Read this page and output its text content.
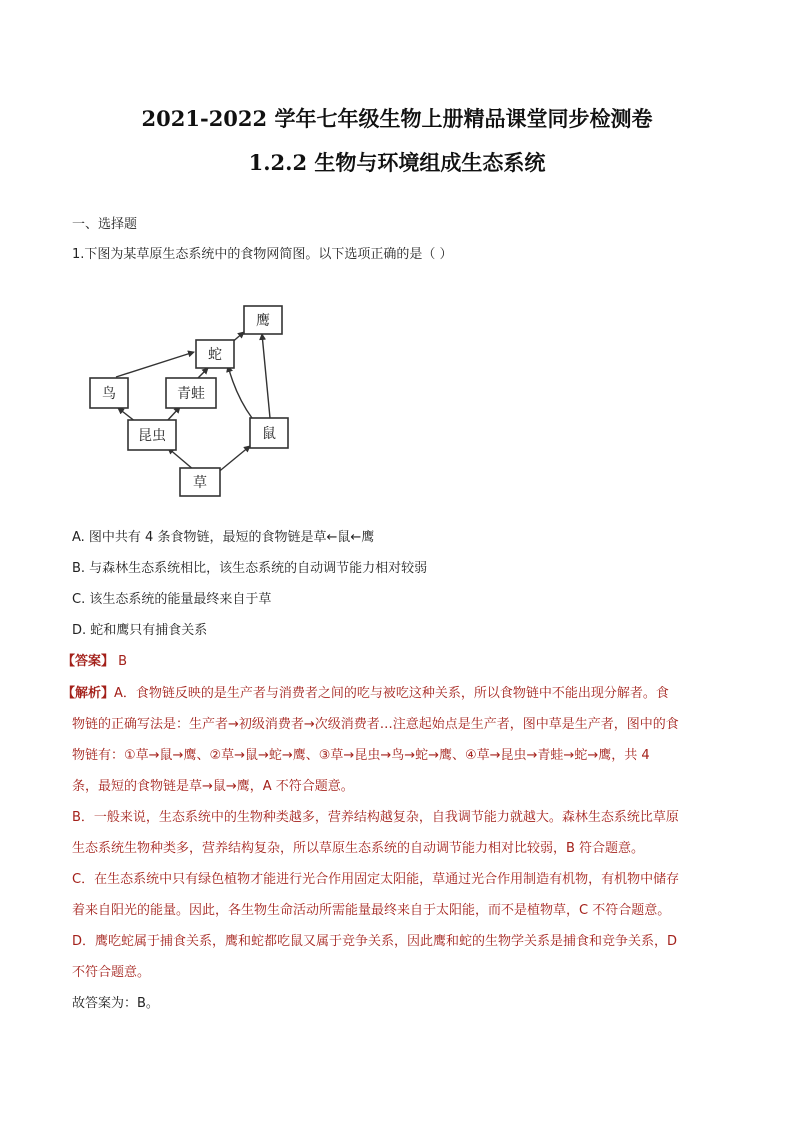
2021-2022 学年七年级生物上册精品课堂同步检测卷
1.2.2 生物与环境组成生态系统

一、选择题

1.下图为某草原生态系统中的食物网简图。以下选项正确的是（ ）

鹰
蛇
鸟	青蛙
昆虫	鼠
草

A. 图中共有 4 条食物链，最短的食物链是草←鼠←鹰

B. 与森林生态系统相比，该生态系统的自动调节能力相对较弱

C. 该生态系统的能量最终来自于草

D. 蛇和鹰只有捕食关系

【答案】 B

【解析】A．食物链反映的是生产者与消费者之间的吃与被吃这种关系，所以食物链中不能出现分解者。食

物链的正确写法是：生产者→初级消费者→次级消费者…注意起始点是生产者，图中草是生产者，图中的食

物链有：①草→鼠→鹰、②草→鼠→蛇→鹰、③草→昆虫→鸟→蛇→鹰、④草→昆虫→青蛙→蛇→鹰，共 4

条，最短的食物链是草→鼠→鹰，A 不符合题意。

B．一般来说，生态系统中的生物种类越多，营养结构越复杂，自我调节能力就越大。森林生态系统比草原

生态系统生物种类多，营养结构复杂，所以草原生态系统的自动调节能力相对比较弱，B 符合题意。

C．在生态系统中只有绿色植物才能进行光合作用固定太阳能，草通过光合作用制造有机物，有机物中储存

着来自阳光的能量。因此，各生物生命活动所需能量最终来自于太阳能，而不是植物草，C 不符合题意。

D．鹰吃蛇属于捕食关系，鹰和蛇都吃鼠又属于竞争关系，因此鹰和蛇的生物学关系是捕食和竞争关系，D

不符合题意。

故答案为：B。
